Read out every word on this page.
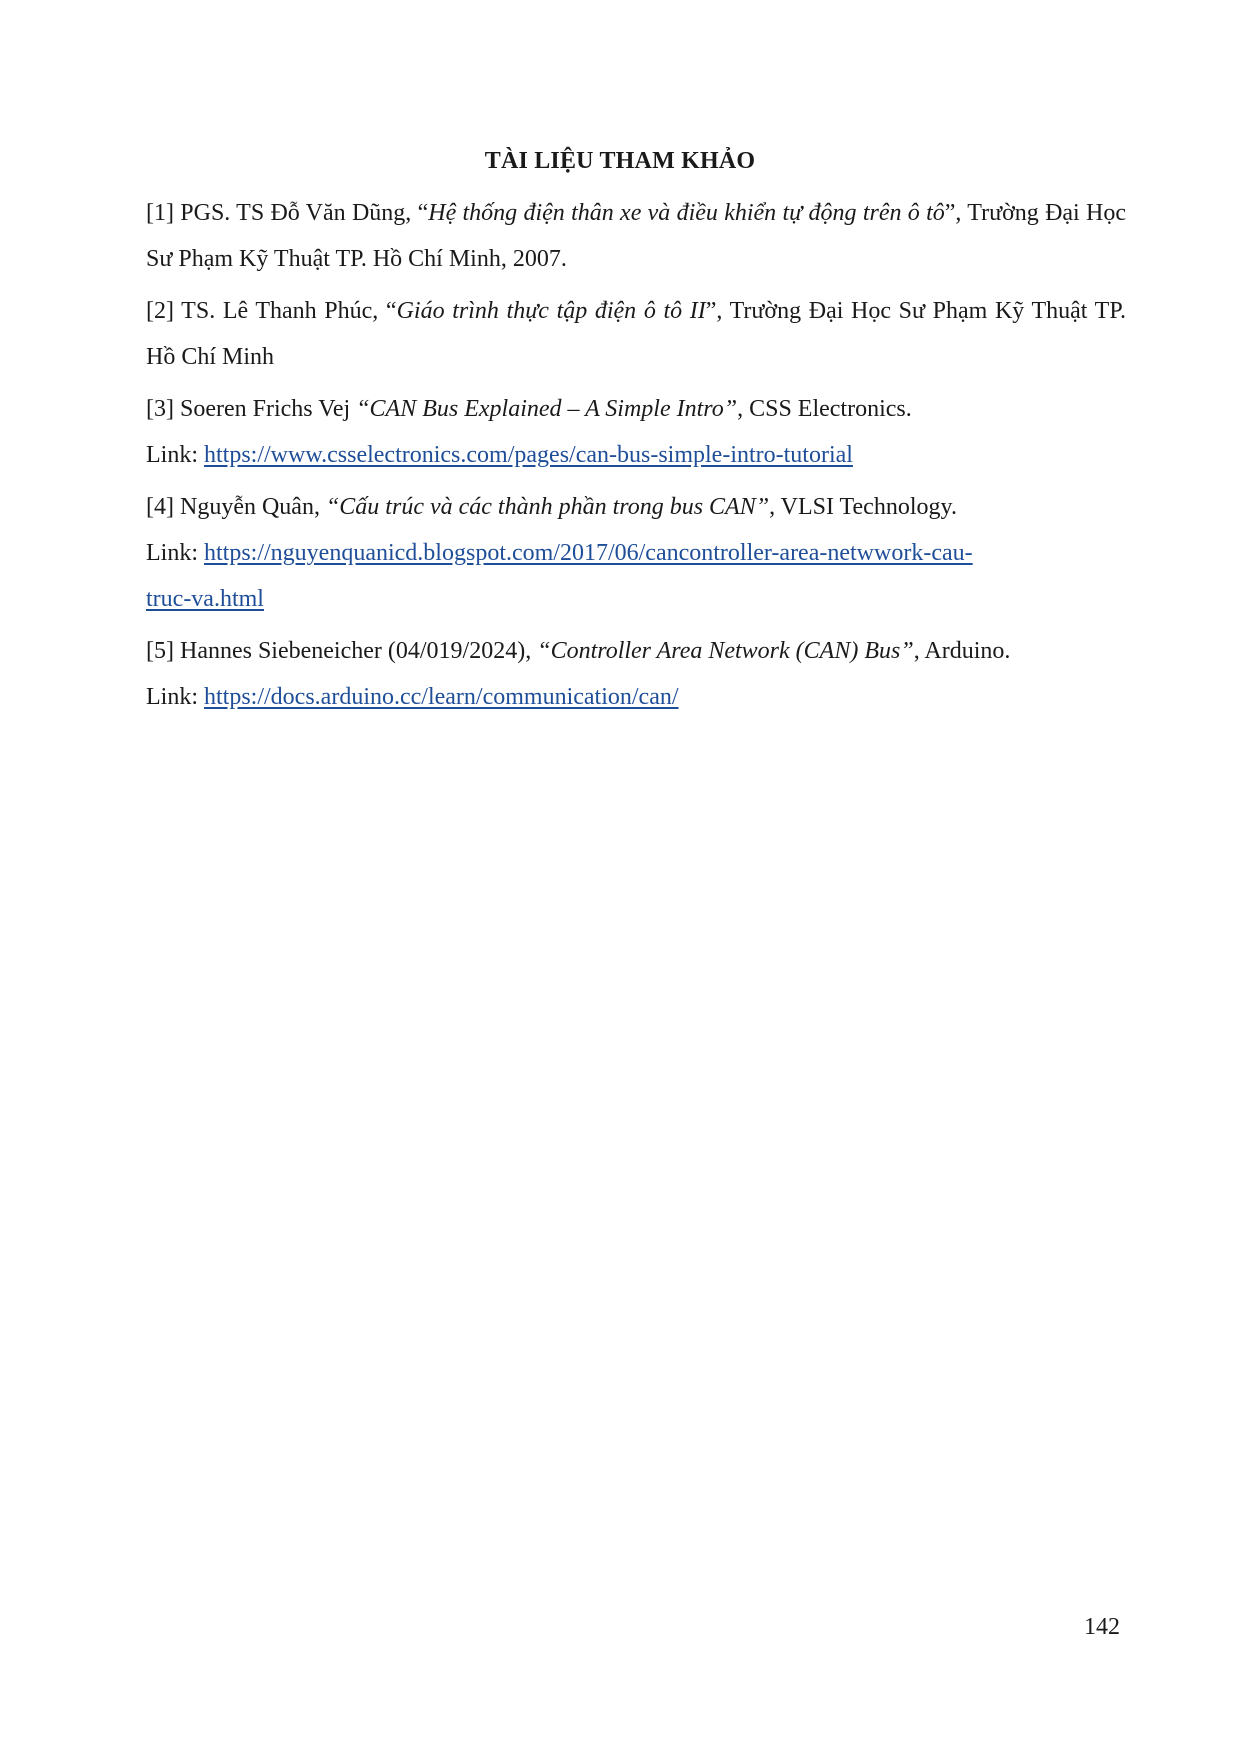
TÀI LIỆU THAM KHẢO

[1] PGS. TS Đỗ Văn Dũng, “Hệ thống điện thân xe và điều khiển tự động trên ô tô”, Trường Đại Học Sư Phạm Kỹ Thuật TP. Hồ Chí Minh, 2007.

[2] TS. Lê Thanh Phúc, “Giáo trình thực tập điện ô tô II”, Trường Đại Học Sư Phạm Kỹ Thuật TP. Hồ Chí Minh

[3] Soeren Frichs Vej “CAN Bus Explained – A Simple Intro”, CSS Electronics.
Link: https://www.csselectronics.com/pages/can-bus-simple-intro-tutorial

[4] Nguyễn Quân, “Cấu trúc và các thành phần trong bus CAN”, VLSI Technology.
Link: https://nguyenquanicd.blogspot.com/2017/06/cancontroller-area-netwwork-cau-
truc-va.html

[5] Hannes Siebeneicher (04/019/2024), “Controller Area Network (CAN) Bus”, Arduino.
Link: https://docs.arduino.cc/learn/communication/can/

142
